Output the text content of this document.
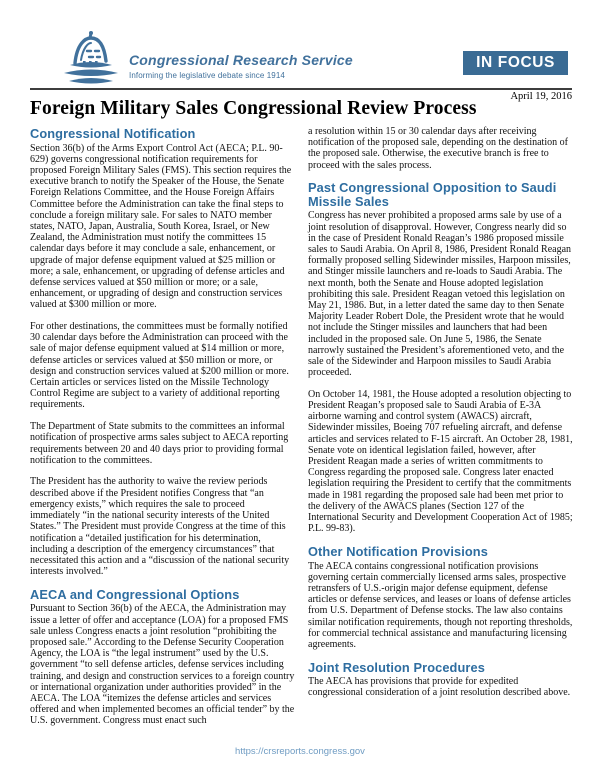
Congressional Research Service
Informing the legislative debate since 1914
IN FOCUS
April 19, 2016
Foreign Military Sales Congressional Review Process
Congressional Notification

Section 36(b) of the Arms Export Control Act (AECA; P.L. 90-629) governs congressional notification requirements for proposed Foreign Military Sales (FMS). This section requires the executive branch to notify the Speaker of the House, the Senate Foreign Relations Committee, and the House Foreign Affairs Committee before the Administration can take the final steps to conclude a foreign military sale. For sales to NATO member states, NATO, Japan, Australia, South Korea, Israel, or New Zealand, the Administration must notify the committees 15 calendar days before it may conclude a sale, enhancement, or upgrade of major defense equipment valued at $25 million or more; a sale, enhancement, or upgrading of defense articles and defense services valued at $50 million or more; or a sale, enhancement, or upgrading of design and construction services valued at $300 million or more.

For other destinations, the committees must be formally notified 30 calendar days before the Administration can proceed with the sale of major defense equipment valued at $14 million or more, defense articles or services valued at $50 million or more, or design and construction services valued at $200 million or more. Certain articles or services listed on the Missile Technology Control Regime are subject to a variety of additional reporting requirements.

The Department of State submits to the committees an informal notification of prospective arms sales subject to AECA reporting requirements between 20 and 40 days prior to providing formal notification to the committees.

The President has the authority to waive the review periods described above if the President notifies Congress that “an emergency exists,” which requires the sale to proceed immediately “in the national security interests of the United States.” The President must provide Congress at the time of this notification a “detailed justification for his determination, including a description of the emergency circumstances” that necessitated this action and a “discussion of the national security interests involved.”

AECA and Congressional Options

Pursuant to Section 36(b) of the AECA, the Administration may issue a letter of offer and acceptance (LOA) for a proposed FMS sale unless Congress enacts a joint resolution “prohibiting the proposed sale.” According to the Defense Security Cooperation Agency, the LOA is “the legal instrument” used by the U.S. government “to sell defense articles, defense services including training, and design and construction services to a foreign country or international organization under authorities provided” in the AECA. The LOA “itemizes the defense articles and services offered and when implemented becomes an official tender” by the U.S. government. Congress must enact such

a resolution within 15 or 30 calendar days after receiving notification of the proposed sale, depending on the destination of the proposed sale. Otherwise, the executive branch is free to proceed with the sales process.

Past Congressional Opposition to Saudi Missile Sales

Congress has never prohibited a proposed arms sale by use of a joint resolution of disapproval. However, Congress nearly did so in the case of President Ronald Reagan’s 1986 proposed missile sales to Saudi Arabia. On April 8, 1986, President Ronald Reagan formally proposed selling Sidewinder missiles, Harpoon missiles, and Stinger missile launchers and re-loads to Saudi Arabia. The next month, both the Senate and House adopted legislation prohibiting this sale. President Reagan vetoed this legislation on May 21, 1986. But, in a letter dated the same day to then Senate Majority Leader Robert Dole, the President wrote that he would not include the Stinger missiles and launchers that had been included in the proposed sale. On June 5, 1986, the Senate narrowly sustained the President’s aforementioned veto, and the sale of the Sidewinder and Harpoon missiles to Saudi Arabia proceeded.

On October 14, 1981, the House adopted a resolution objecting to President Reagan’s proposed sale to Saudi Arabia of E-3A airborne warning and control system (AWACS) aircraft, Sidewinder missiles, Boeing 707 refueling aircraft, and defense articles and services related to F-15 aircraft. An October 28, 1981, Senate vote on identical legislation failed, however, after President Reagan made a series of written commitments to Congress regarding the proposed sale. Congress later enacted legislation requiring the President to certify that the commitments made in 1981 regarding the proposed sale had been met prior to the delivery of the AWACS planes (Section 127 of the International Security and Development Cooperation Act of 1985; P.L. 99-83).

Other Notification Provisions

The AECA contains congressional notification provisions governing certain commercially licensed arms sales, prospective retransfers of U.S.-origin major defense equipment, defense articles or defense services, and leases or loans of defense articles from U.S. Department of Defense stocks. The law also contains similar notification requirements, though not reporting thresholds, for commercial technical assistance and manufacturing licensing agreements.

Joint Resolution Procedures

The AECA has provisions that provide for expedited congressional consideration of a joint resolution described above.

https://crsreports.congress.gov
